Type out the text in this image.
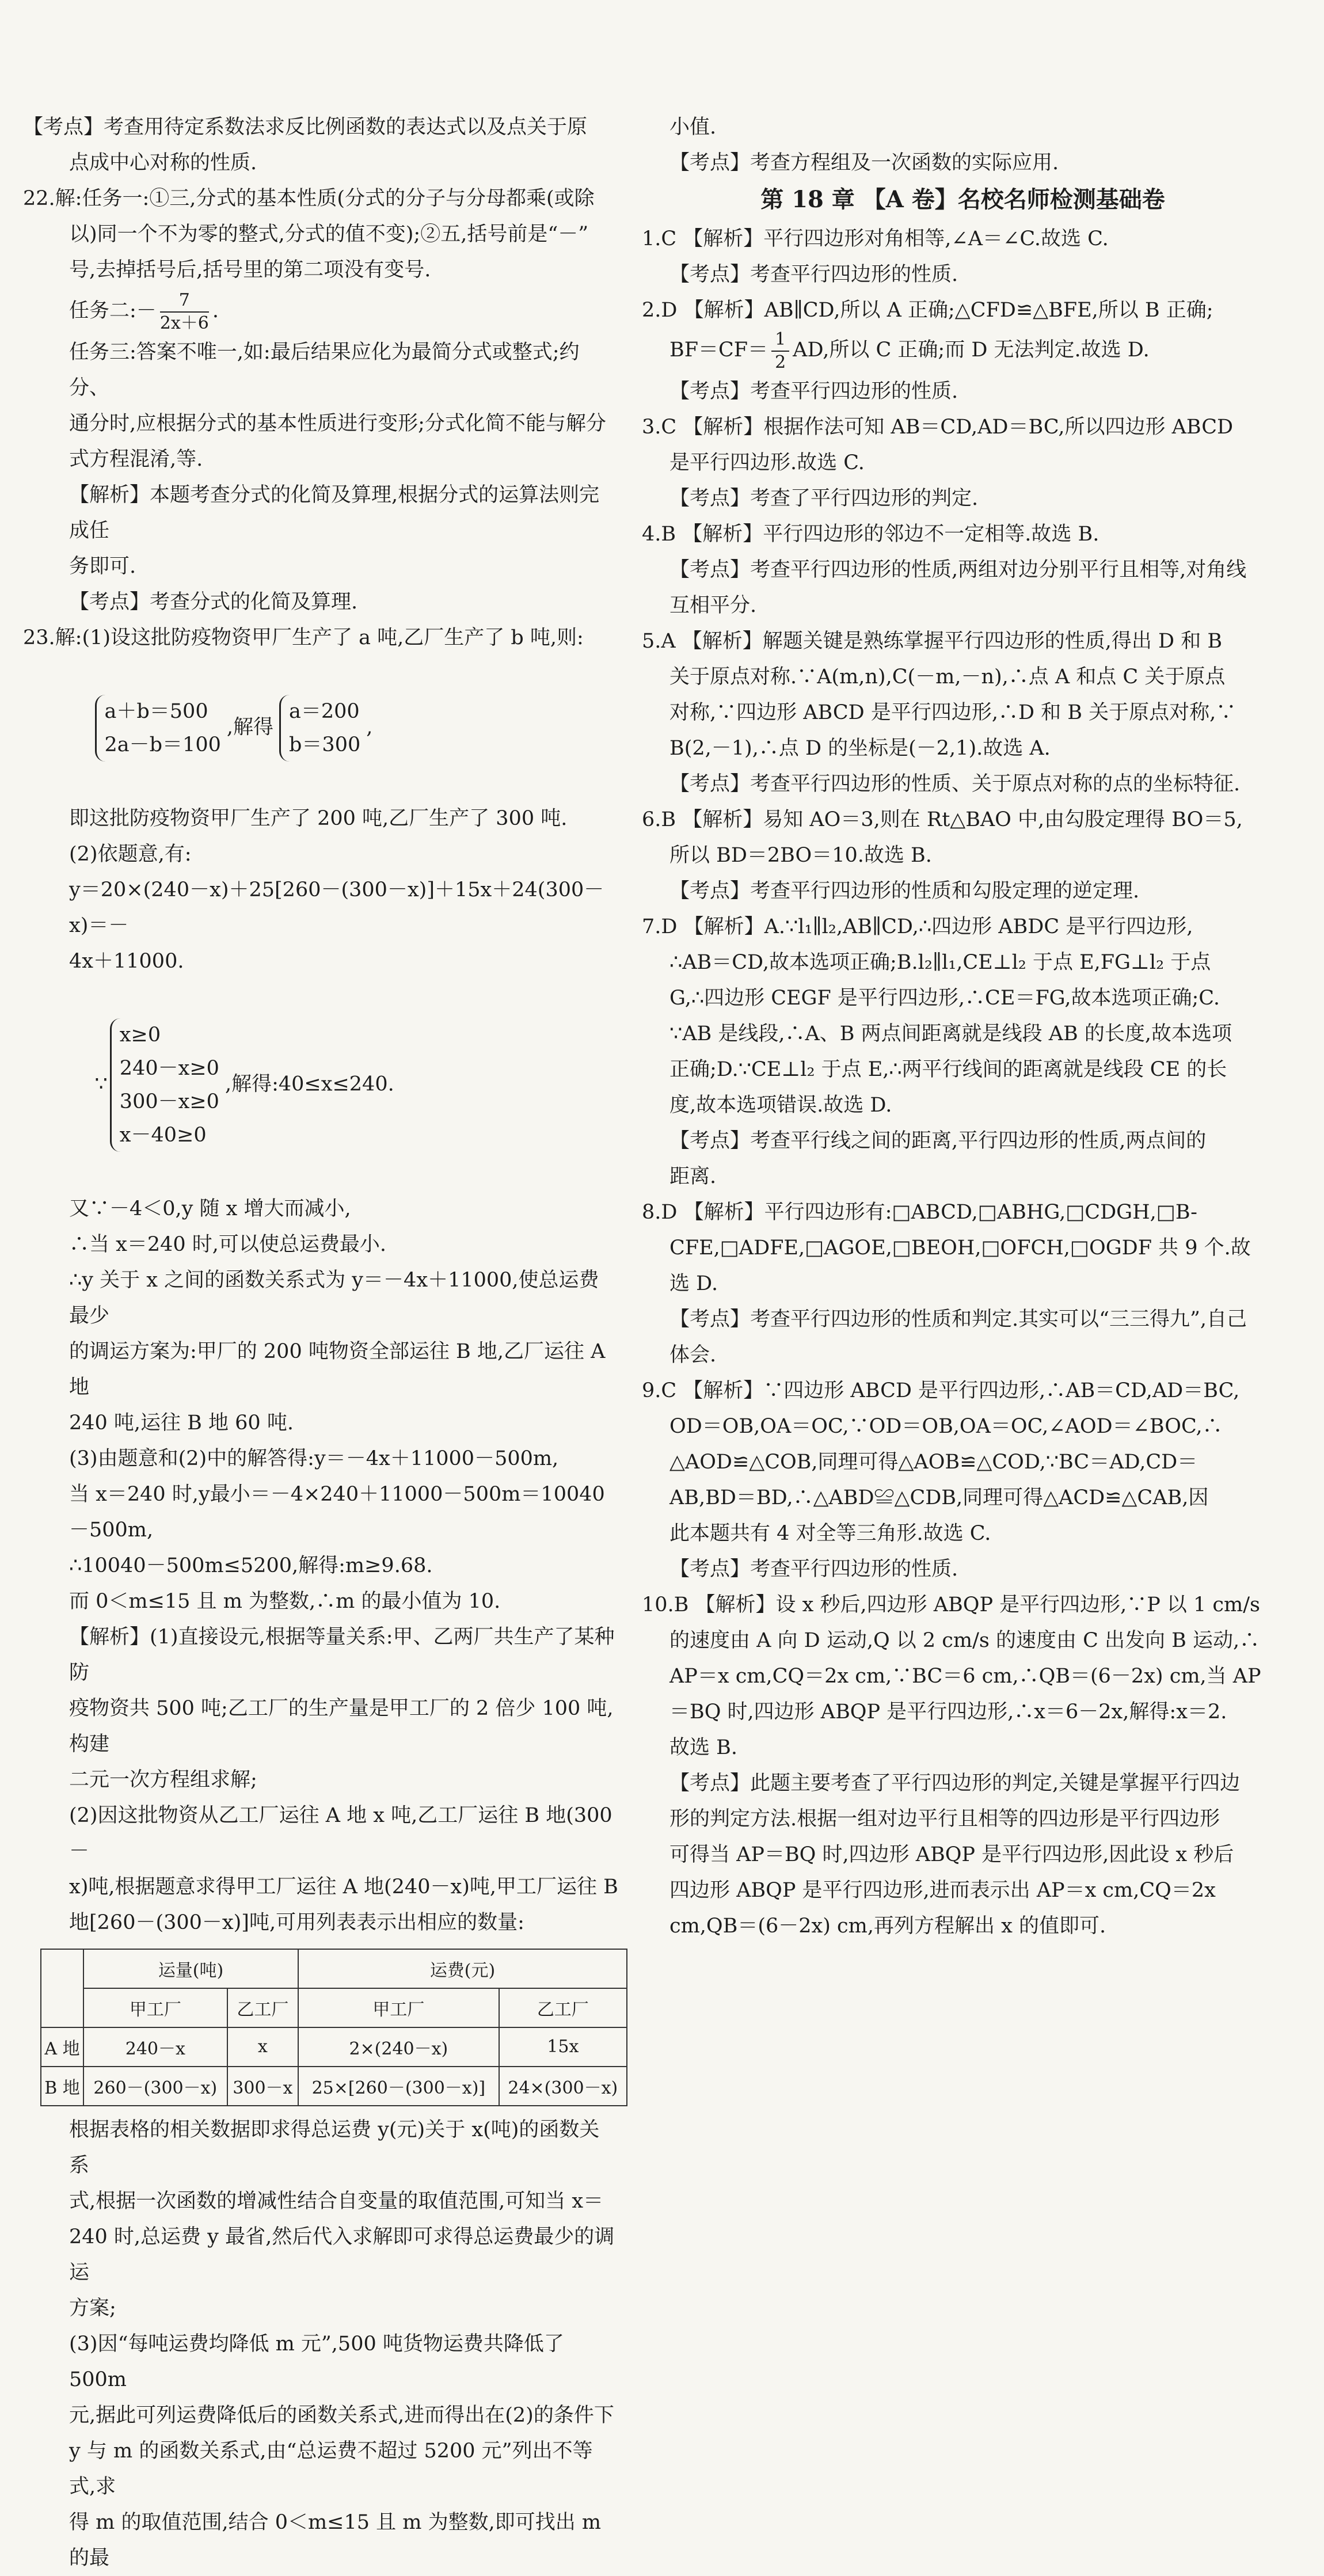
【考点】考查用待定系数法求反比例函数的表达式以及点关于原

点成中心对称的性质.

22.解:任务一:①三,分式的基本性质(分式的分子与分母都乘(或除

以)同一个不为零的整式,分式的值不变);②五,括号前是“－”

号,去掉括号后,括号里的第二项没有变号.

任务二:－ $\frac{7}{2x+6}$ .

任务三:答案不唯一,如:最后结果应化为最简分式或整式;约分、

通分时,应根据分式的基本性质进行变形;分式化简不能与解分

式方程混淆,等.

【解析】本题考查分式的化简及算理,根据分式的运算法则完成任

务即可.

【考点】考查分式的化简及算理.

23.解:(1)设这批防疫物资甲厂生产了 a 吨,乙厂生产了 b 吨,则:

a＋b＝500
2a－b＝100
,解得
a＝200
b＝300
,

即这批防疫物资甲厂生产了 200 吨,乙厂生产了 300 吨.

(2)依题意,有:

y＝20×(240－x)＋25[260－(300－x)]＋15x＋24(300－x)＝－

4x＋11000.

∵
x≥0
240－x≥0
300－x≥0
x－40≥0
,解得:40≤x≤240.

又∵－4＜0,y 随 x 增大而减小,

∴当 x＝240 时,可以使总运费最小.

∴y 关于 x 之间的函数关系式为 y＝－4x＋11000,使总运费最少

的调运方案为:甲厂的 200 吨物资全部运往 B 地,乙厂运往 A 地

240 吨,运往 B 地 60 吨.

(3)由题意和(2)中的解答得:y＝－4x＋11000－500m,

当 x＝240 时,y最小＝－4×240＋11000－500m＝10040－500m,

∴10040－500m≤5200,解得:m≥9.68.

而 0＜m≤15 且 m 为整数,∴m 的最小值为 10.

【解析】(1)直接设元,根据等量关系:甲、乙两厂共生产了某种防

疫物资共 500 吨;乙工厂的生产量是甲工厂的 2 倍少 100 吨,构建

二元一次方程组求解;

(2)因这批物资从乙工厂运往 A 地 x 吨,乙工厂运往 B 地(300－

x)吨,根据题意求得甲工厂运往 A 地(240－x)吨,甲工厂运往 B

地[260－(300－x)]吨,可用列表表示出相应的数量:

	运量(吨)		运费(元)	
	甲工厂	乙工厂	甲工厂	乙工厂
A 地	240－x	x	2×(240－x)	15x
B 地	260－(300－x)	300－x	25×[260－(300－x)]	24×(300－x)

根据表格的相关数据即求得总运费 y(元)关于 x(吨)的函数关系

式,根据一次函数的增减性结合自变量的取值范围,可知当 x＝

240 时,总运费 y 最省,然后代入求解即可求得总运费最少的调运

方案;

(3)因“每吨运费均降低 m 元”,500 吨货物运费共降低了 500m

元,据此可列运费降低后的函数关系式,进而得出在(2)的条件下

y 与 m 的函数关系式,由“总运费不超过 5200 元”列出不等式,求

得 m 的取值范围,结合 0＜m≤15 且 m 为整数,即可找出 m 的最

小值.

【考点】考查方程组及一次函数的实际应用.

第 18 章 【A 卷】名校名师检测基础卷

1.C 【解析】平行四边形对角相等,∠A＝∠C.故选 C.

【考点】考查平行四边形的性质.

2.D 【解析】AB∥CD,所以 A 正确;△CFD≌△BFE,所以 B 正确;

$BF=CF= \frac{1}{2}$ AD,所以 C 正确;而 D 无法判定.故选 D.

【考点】考查平行四边形的性质.

3.C 【解析】根据作法可知 AB＝CD,AD＝BC,所以四边形 ABCD

是平行四边形.故选 C.

【考点】考查了平行四边形的判定.

4.B 【解析】平行四边形的邻边不一定相等.故选 B.

【考点】考查平行四边形的性质,两组对边分别平行且相等,对角线

互相平分.

5.A 【解析】解题关键是熟练掌握平行四边形的性质,得出 D 和 B

关于原点对称.∵A(m,n),C(－m,－n),∴点 A 和点 C 关于原点

对称,∵四边形 ABCD 是平行四边形,∴D 和 B 关于原点对称,∵

B(2,－1),∴点 D 的坐标是(－2,1).故选 A.

【考点】考查平行四边形的性质、关于原点对称的点的坐标特征.

6.B 【解析】易知 AO＝3,则在 Rt△BAO 中,由勾股定理得 BO＝5,

所以 BD＝2BO＝10.故选 B.

【考点】考查平行四边形的性质和勾股定理的逆定理.

7.D 【解析】A.∵l₁∥l₂,AB∥CD,∴四边形 ABDC 是平行四边形,

∴AB＝CD,故本选项正确;B.l₂∥l₁,CE⊥l₂ 于点 E,FG⊥l₂ 于点

G,∴四边形 CEGF 是平行四边形,∴CE＝FG,故本选项正确;C.

∵AB 是线段,∴A、B 两点间距离就是线段 AB 的长度,故本选项

正确;D.∵CE⊥l₂ 于点 E,∴两平行线间的距离就是线段 CE 的长

度,故本选项错误.故选 D.

【考点】考查平行线之间的距离,平行四边形的性质,两点间的

距离.

8.D 【解析】平行四边形有:□ABCD,□ABHG,□CDGH,□B-

CFE,□ADFE,□AGOE,□BEOH,□OFCH,□OGDF 共 9 个.故

选 D.

【考点】考查平行四边形的性质和判定.其实可以“三三得九”,自己

体会.

9.C 【解析】∵四边形 ABCD 是平行四边形,∴AB＝CD,AD＝BC,

OD＝OB,OA＝OC,∵OD＝OB,OA＝OC,∠AOD＝∠BOC,∴

△AOD≌△COB,同理可得△AOB≌△COD,∵BC＝AD,CD＝

AB,BD＝BD,∴△ABD≌△CDB,同理可得△ACD≌△CAB,因

此本题共有 4 对全等三角形.故选 C.

【考点】考查平行四边形的性质.

10.B 【解析】设 x 秒后,四边形 ABQP 是平行四边形,∵P 以 1 cm/s

的速度由 A 向 D 运动,Q 以 2 cm/s 的速度由 C 出发向 B 运动,∴

AP＝x cm,CQ＝2x cm,∵BC＝6 cm,∴QB＝(6－2x) cm,当 AP

＝BQ 时,四边形 ABQP 是平行四边形,∴x＝6－2x,解得:x＝2.

故选 B.

【考点】此题主要考查了平行四边形的判定,关键是掌握平行四边

形的判定方法.根据一组对边平行且相等的四边形是平行四边形

可得当 AP＝BQ 时,四边形 ABQP 是平行四边形,因此设 x 秒后

四边形 ABQP 是平行四边形,进而表示出 AP＝x cm,CQ＝2x

cm,QB＝(6－2x) cm,再列方程解出 x 的值即可.
